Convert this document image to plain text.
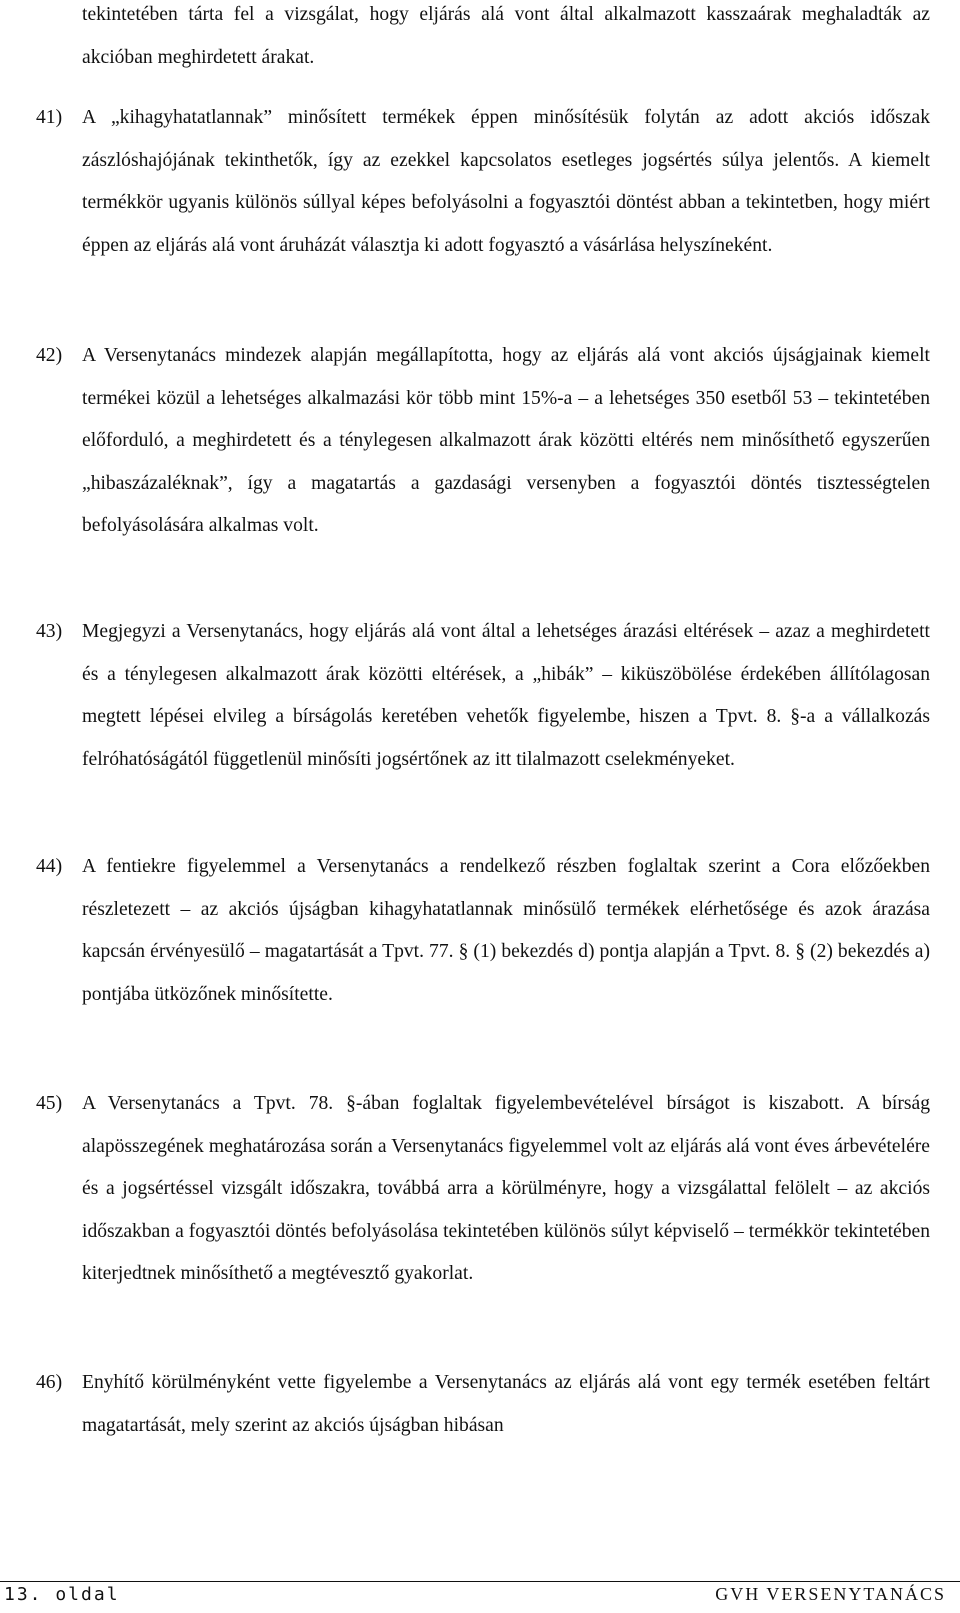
tekintetében tárta fel a vizsgálat, hogy eljárás alá vont által alkalmazott kasszaárak meghaladták az akcióban meghirdetett árakat.

41)	A „kihagyhatatlannak” minősített termékek éppen minősítésük folytán az adott akciós időszak zászlóshajójának tekinthetők, így az ezekkel kapcsolatos esetleges jogsértés súlya jelentős. A kiemelt termékkör ugyanis különös súllyal képes befolyásolni a fogyasztói döntést abban a tekintetben, hogy miért éppen az eljárás alá vont áruházát választja ki adott fogyasztó a vásárlása helyszíneként.
42)	A Versenytanács mindezek alapján megállapította, hogy az eljárás alá vont akciós újságjainak kiemelt termékei közül a lehetséges alkalmazási kör több mint 15%-a – a lehetséges 350 esetből 53 – tekintetében előforduló, a meghirdetett és a ténylegesen alkalmazott árak közötti eltérés nem minősíthető egyszerűen „hibaszázaléknak”, így a magatartás a gazdasági versenyben a fogyasztói döntés tisztességtelen befolyásolására alkalmas volt.
43)	Megjegyzi a Versenytanács, hogy eljárás alá vont által a lehetséges árazási eltérések – azaz a meghirdetett és a ténylegesen alkalmazott árak közötti eltérések, a „hibák” – kiküszöbölése érdekében állítólagosan megtett lépései elvileg a bírságolás keretében vehetők figyelembe, hiszen a Tpvt. 8. §-a a vállalkozás felróhatóságától függetlenül minősíti jogsértőnek az itt tilalmazott cselekményeket.
44)	A fentiekre figyelemmel a Versenytanács a rendelkező részben foglaltak szerint a Cora előzőekben részletezett – az akciós újságban kihagyhatatlannak minősülő termékek elérhetősége és azok árazása kapcsán érvényesülő – magatartását a Tpvt. 77. § (1) bekezdés d) pontja alapján a Tpvt. 8. § (2) bekezdés a) pontjába ütközőnek minősítette.
45)	A Versenytanács a Tpvt. 78. §-ában foglaltak figyelembevételével bírságot is kiszabott. A bírság alapösszegének meghatározása során a Versenytanács figyelemmel volt az eljárás alá vont éves árbevételére és a jogsértéssel vizsgált időszakra, továbbá arra a körülményre, hogy a vizsgálattal felölelt – az akciós időszakban a fogyasztói döntés befolyásolása tekintetében különös súlyt képviselő – termékkör tekintetében kiterjedtnek minősíthető a megtévesztő gyakorlat.
46)	Enyhítő körülményként vette figyelembe a Versenytanács az eljárás alá vont egy termék esetében feltárt magatartását, mely szerint az akciós újságban hibásan
13. oldal	GVH VERSENYTANÁCS
